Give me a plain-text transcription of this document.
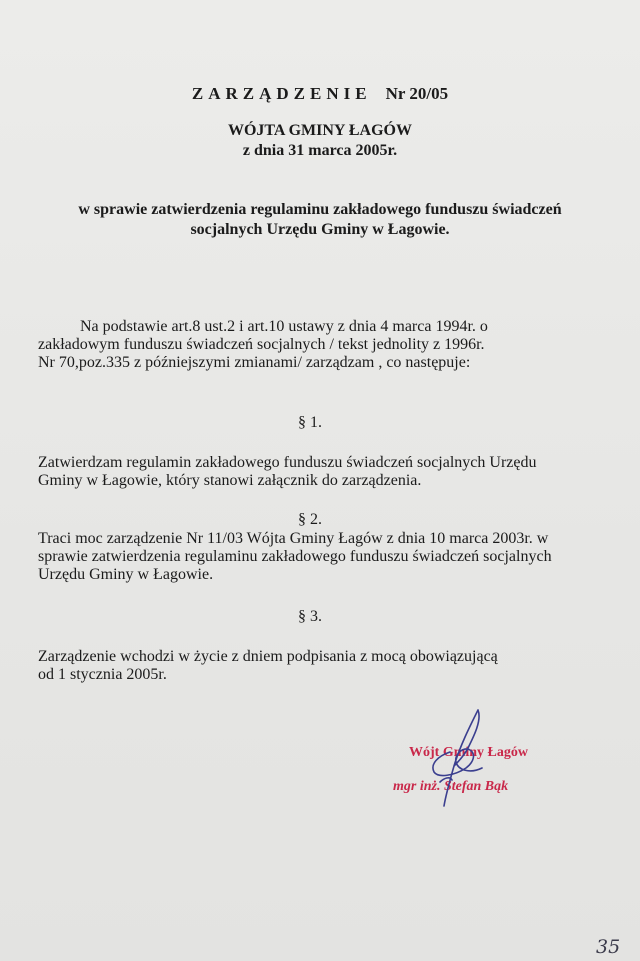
ZARZĄDZENIE Nr 20/05
WÓJTA GMINY ŁAGÓW
z dnia 31 marca 2005r.
w sprawie zatwierdzenia regulaminu zakładowego funduszu świadczeń
socjalnych Urzędu Gminy w Łagowie.
Na podstawie art.8 ust.2 i art.10 ustawy z dnia 4 marca 1994r. o
zakładowym funduszu świadczeń socjalnych / tekst jednolity z 1996r.
Nr 70,poz.335 z późniejszymi zmianami/ zarządzam , co następuje:
§ 1.
Zatwierdzam regulamin zakładowego funduszu świadczeń socjalnych Urzędu
Gminy w Łagowie, który stanowi załącznik do zarządzenia.
§ 2.
Traci moc zarządzenie Nr 11/03 Wójta Gminy Łagów z dnia 10 marca 2003r. w
sprawie zatwierdzenia regulaminu zakładowego funduszu świadczeń socjalnych
Urzędu Gminy w Łagowie.
§ 3.
Zarządzenie wchodzi w życie z dniem podpisania z mocą obowiązującą
od 1 stycznia 2005r.
Wójt Gminy Łagów
mgr inż. Stefan Bąk
35
